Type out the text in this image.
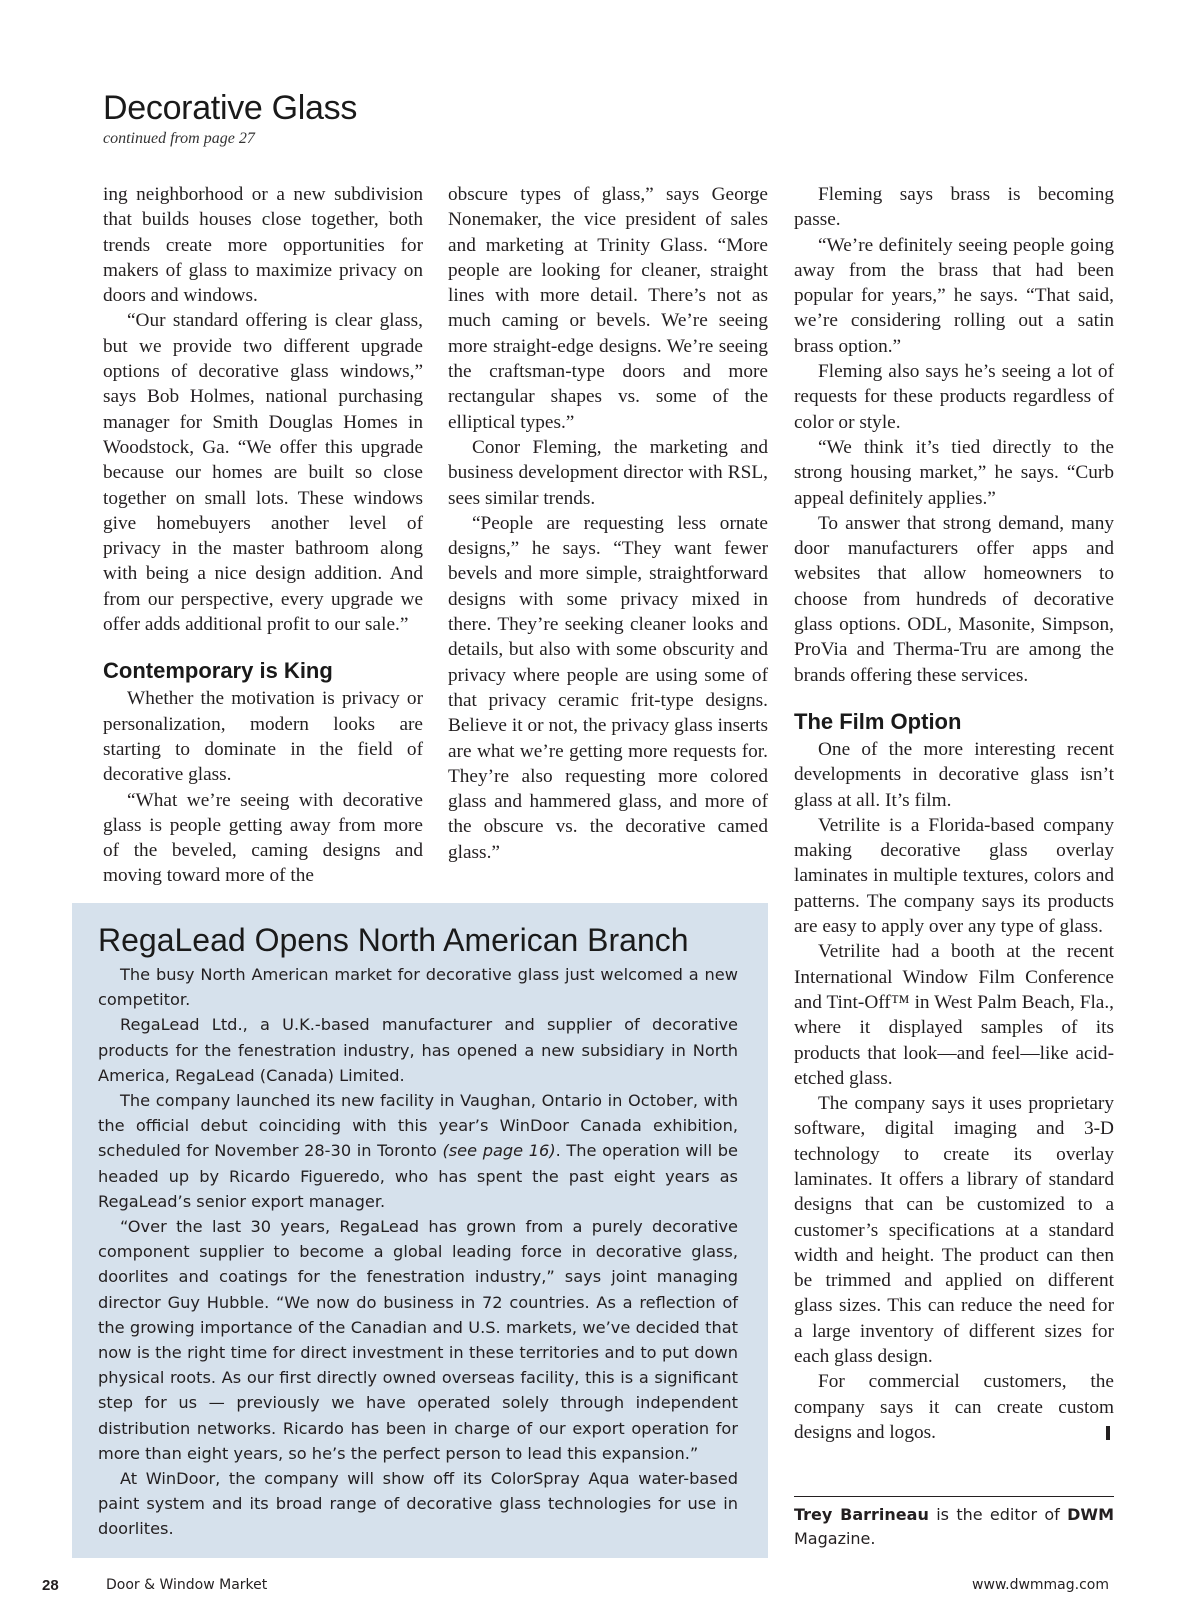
Decorative Glass
continued from page 27

ing neighborhood or a new subdivision that builds houses close together, both trends create more opportunities for makers of glass to maximize privacy on doors and windows.

“Our standard offering is clear glass, but we provide two different upgrade options of decorative glass windows,” says Bob Holmes, national purchasing manager for Smith Douglas Homes in Woodstock, Ga. “We offer this upgrade because our homes are built so close together on small lots. These windows give homebuyers another level of privacy in the master bathroom along with being a nice design addition. And from our perspective, every upgrade we offer adds additional profit to our sale.”

Contemporary is King

Whether the motivation is privacy or personalization, modern looks are starting to dominate in the field of decorative glass.

“What we’re seeing with decorative glass is people getting away from more of the beveled, caming designs and moving toward more of the

obscure types of glass,” says George Nonemaker, the vice president of sales and marketing at Trinity Glass. “More people are looking for cleaner, straight lines with more detail. There’s not as much caming or bevels. We’re seeing more straight-edge designs. We’re seeing the craftsman-type doors and more rectangular shapes vs. some of the elliptical types.”

Conor Fleming, the marketing and business development director with RSL, sees similar trends.

“People are requesting less ornate designs,” he says. “They want fewer bevels and more simple, straightforward designs with some privacy mixed in there. They’re seeking cleaner looks and details, but also with some obscurity and privacy where people are using some of that privacy ceramic frit-type designs. Believe it or not, the privacy glass inserts are what we’re getting more requests for. They’re also requesting more colored glass and hammered glass, and more of the obscure vs. the decorative camed glass.”

Fleming says brass is becoming passe.

“We’re definitely seeing people going away from the brass that had been popular for years,” he says. “That said, we’re considering rolling out a satin brass option.”

Fleming also says he’s seeing a lot of requests for these products regardless of color or style.

“We think it’s tied directly to the strong housing market,” he says. “Curb appeal definitely applies.”

To answer that strong demand, many door manufacturers offer apps and websites that allow homeowners to choose from hundreds of decorative glass options. ODL, Masonite, Simpson, ProVia and Therma-Tru are among the brands offering these services.

The Film Option

One of the more interesting recent developments in decorative glass isn’t glass at all. It’s film.

Vetrilite is a Florida-based company making decorative glass overlay laminates in multiple textures, colors and patterns. The company says its products are easy to apply over any type of glass.

Vetrilite had a booth at the recent International Window Film Conference and Tint-Off™ in West Palm Beach, Fla., where it displayed samples of its products that look—and feel—like acid-etched glass.

The company says it uses proprietary software, digital imaging and 3-D technology to create its overlay laminates. It offers a library of standard designs that can be customized to a customer’s specifications at a standard width and height. The product can then be trimmed and applied on different glass sizes. This can reduce the need for a large inventory of different sizes for each glass design.

For commercial customers, the company says it can create custom designs and logos.

RegaLead Opens North American Branch

The busy North American market for decorative glass just welcomed a new competitor.

RegaLead Ltd., a U.K.-based manufacturer and supplier of decorative products for the fenestration industry, has opened a new subsidiary in North America, RegaLead (Canada) Limited.

The company launched its new facility in Vaughan, Ontario in October, with the official debut coinciding with this year’s WinDoor Canada exhibition, scheduled for November 28-30 in Toronto (see page 16). The operation will be headed up by Ricardo Figueredo, who has spent the past eight years as RegaLead’s senior export manager.

“Over the last 30 years, RegaLead has grown from a purely decorative component supplier to become a global leading force in decorative glass, doorlites and coatings for the fenestration industry,” says joint managing director Guy Hubble. “We now do business in 72 countries. As a reflection of the growing importance of the Canadian and U.S. markets, we’ve decided that now is the right time for direct investment in these territories and to put down physical roots. As our first directly owned overseas facility, this is a significant step for us — previously we have operated solely through independent distribution networks. Ricardo has been in charge of our export operation for more than eight years, so he’s the perfect person to lead this expansion.”

At WinDoor, the company will show off its ColorSpray Aqua water-based paint system and its broad range of decorative glass technologies for use in doorlites.

Trey Barrineau is the editor of DWM Magazine.
28	Door & Window Market	www.dwmmag.com
